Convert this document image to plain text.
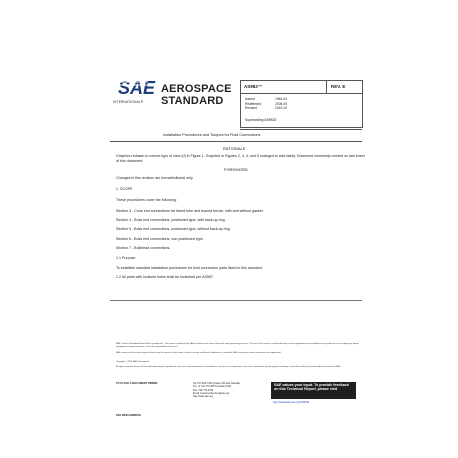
SAE
INTERNATIONAL®
AEROSPACE
STANDARD
AS983™	REV. E
Issued	1964-04
Reaffirmed	2006-05
Revised	2019-10
Superseding AS983D
Installation Procedures and Torques for Fluid Connections
RATIONALE
Graphics redrawn to correct typo of view (d) in Figure 1. Graphics in Figures 2, 3, 4, and 5 enlarged to add clarity. Document ownership revised on last sheet of this document.
FOREWORD
Changes in this revision are format/editorial only.
1. SCOPE
These procedures cover the following:
Section 3 - Cone end connections for flared tube and brazed ferrule, with and without gasket.
Section 4 - Boss end connections, positioned type, with back-up ring.
Section 5 - Boss end connections, positioned type, without back-up ring.
Section 6 - Boss end connections, non-positioned type.
Section 7 - Bulkhead connections.
1.1 Purpose
To establish standard installation procedures for fluid connection parts listed in this standard.
1.2 All parts with lockwire holes shall be lockwired per AS567.
SAE Technical Standards Board Rules provide that: "This report is published by SAE to advance the state of technical and engineering sciences. The use of this report is entirely voluntary, and its applicability and suitability for any particular use, including any patent infringement arising therefrom, is the sole responsibility of the user."
SAE reviews each technical report at least every five years at which time it may be revised, reaffirmed, stabilized, or cancelled. SAE invites your written comments and suggestions.
Copyright © 2019 SAE International
All rights reserved. No part of this publication may be reproduced, stored in a retrieval system or transmitted, in any form or by any means, electronic, mechanical, photocopying, recording, or otherwise, without the prior written permission of SAE.
TO PLACE A DOCUMENT ORDER:	Tel: 877-606-7323 (inside USA and Canada)
Tel: +1 724-776-4970 (outside USA)
Fax: 724-776-0790
Email: CustomerService@sae.org
http://www.sae.org
SAE values your input. To provide feedback on this Technical Report, please visit
http://standards.sae.org/AS983E
SAE WEB ADDRESS:
